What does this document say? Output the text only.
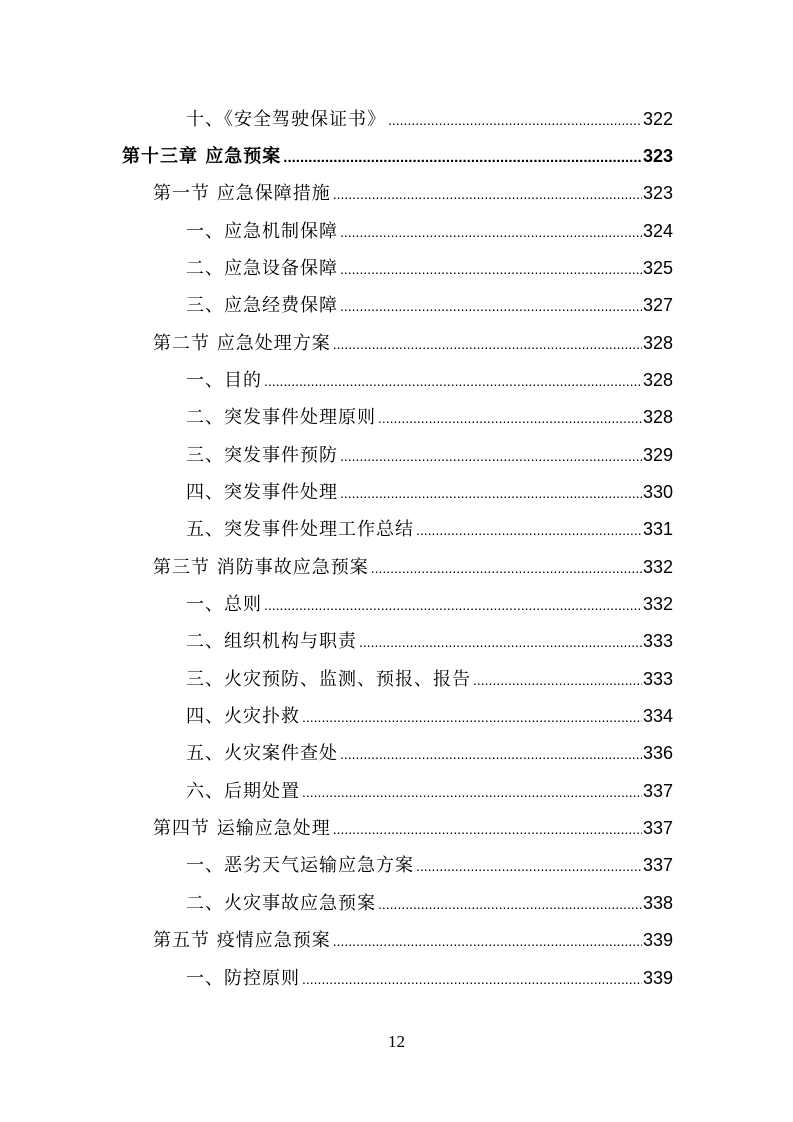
十、《安全驾驶保证书》 .....	322
第十三章 应急预案 .....	323
第一节 应急保障措施 .....	323
一、应急机制保障 .....	324
二、应急设备保障 .....	325
三、应急经费保障 .....	327
第二节 应急处理方案 .....	328
一、目的 .....	328
二、突发事件处理原则 .....	328
三、突发事件预防 .....	329
四、突发事件处理 .....	330
五、突发事件处理工作总结 .....	331
第三节 消防事故应急预案 .....	332
一、总则 .....	332
二、组织机构与职责 .....	333
三、火灾预防、监测、预报、报告 .....	333
四、火灾扑救 .....	334
五、火灾案件查处 .....	336
六、后期处置 .....	337
第四节 运输应急处理 .....	337
一、恶劣天气运输应急方案 .....	337
二、火灾事故应急预案 .....	338
第五节 疫情应急预案 .....	339
一、防控原则 .....	339
12
